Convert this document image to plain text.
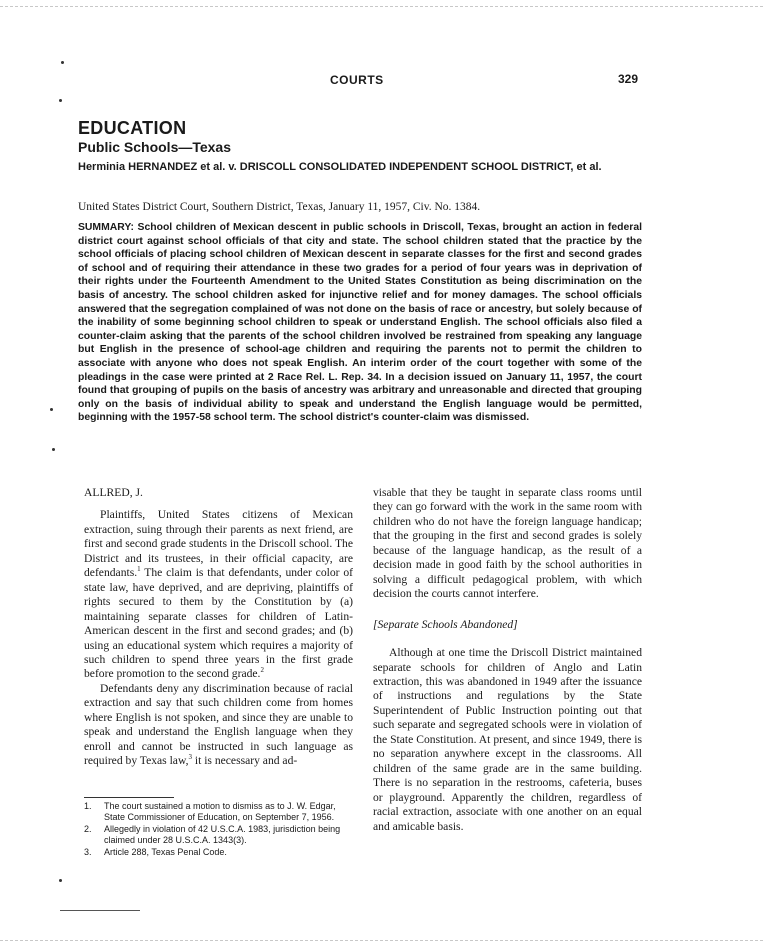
COURTS	329
EDUCATION
Public Schools—Texas
Herminia HERNANDEZ et al. v. DRISCOLL CONSOLIDATED INDEPENDENT SCHOOL DISTRICT, et al.
United States District Court, Southern District, Texas, January 11, 1957, Civ. No. 1384.

SUMMARY: School children of Mexican descent in public schools in Driscoll, Texas, brought an action in federal district court against school officials of that city and state. The school children stated that the practice by the school officials of placing school children of Mexican descent in separate classes for the first and second grades of school and of requiring their attendance in these two grades for a period of four years was in deprivation of their rights under the Fourteenth Amendment to the United States Constitution as being discrimination on the basis of ancestry. The school children asked for injunctive relief and for money damages. The school officials answered that the segregation complained of was not done on the basis of race or ancestry, but solely because of the inability of some beginning school children to speak or understand English. The school officials also filed a counter-claim asking that the parents of the school children involved be restrained from speaking any language but English in the presence of school-age children and requiring the parents not to permit the children to associate with anyone who does not speak English. An interim order of the court together with some of the pleadings in the case were printed at 2 Race Rel. L. Rep. 34. In a decision issued on January 11, 1957, the court found that grouping of pupils on the basis of ancestry was arbitrary and unreasonable and directed that grouping only on the basis of individual ability to speak and understand the English language would be permitted, beginning with the 1957-58 school term. The school district's counter-claim was dismissed.

ALLRED, J.

Plaintiffs, United States citizens of Mexican extraction, suing through their parents as next friend, are first and second grade students in the Driscoll school. The District and its trustees, in their official capacity, are defendants.$^1$ The claim is that defendants, under color of state law, have deprived, and are depriving, plaintiffs of rights secured to them by the Constitution by (a) maintaining separate classes for children of Latin-American descent in the first and second grades; and (b) using an educational system which requires a majority of such children to spend three years in the first grade before promotion to the second grade.$^2$

Defendants deny any discrimination because of racial extraction and say that such children come from homes where English is not spoken, and since they are unable to speak and understand the English language when they enroll and cannot be instructed in such language as required by Texas law,$^3$ it is necessary and ad-

visable that they be taught in separate class rooms until they can go forward with the work in the same room with children who do not have the foreign language handicap; that the grouping in the first and second grades is solely because of the language handicap, as the result of a decision made in good faith by the school authorities in solving a difficult pedagogical problem, with which decision the courts cannot interfere.

[Separate Schools Abandoned]

Although at one time the Driscoll District maintained separate schools for children of Anglo and Latin extraction, this was abandoned in 1949 after the issuance of instructions and regulations by the State Superintendent of Public Instruction pointing out that such separate and segregated schools were in violation of the State Constitution. At present, and since 1949, there is no separation anywhere except in the classrooms. All children of the same grade are in the same building. There is no separation in the restrooms, cafeteria, buses or playground. Apparently the children, regardless of racial extraction, associate with one another on an equal and amicable basis.

1.	The court sustained a motion to dismiss as to J. W. Edgar, State Commissioner of Education, on September 7, 1956.
2.	Allegedly in violation of 42 U.S.C.A. 1983, jurisdiction being claimed under 28 U.S.C.A. 1343(3).
3.	Article 288, Texas Penal Code.
